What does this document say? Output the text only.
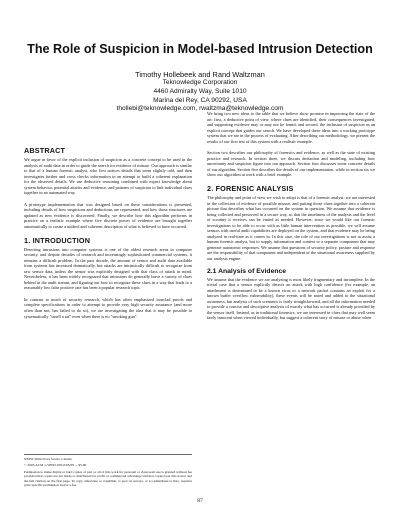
The Role of Suspicion in Model-based Intrusion Detection
Timothy Hollebeek and Rand Waltzman
Teknowledge Corporation
4460 Admiralty Way, Suite 1010
Marina del Rey, CA 90292, USA
thollebi@teknowledge.com, rwaltzma@teknowledge.com
ABSTRACT

We argue in favor of the explicit inclusion of suspicion as a concrete concept to be used in the analysis of audit data in order to guide the search for evidence of misuse. Our approach is similar to that of a human forensic analyst, who first notices details that seem slightly odd, and then investigates further and cross checks information in an attempt to build a coherent explanation for the observed details. We use deductive reasoning combined with expert knowledge about system behavior, potential attacks and evidence, and patterns of suspicion to link individual clues together in an automated way.

A prototype implementation that was designed based on these considerations is presented, including details of how suspicions and deductions are represented, and how those structures are updated as new evidence is discovered. Finally, we describe how this algorithm performs in practice on a realistic example where five discrete pieces of evidence are brought together automatically to create a unified and coherent description of what is believed to have occurred.

1. INTRODUCTION

Detecting intrusions into computer systems is one of the oldest research areas in computer security, and despite decades of research and increasingly sophisticated commercial systems, it remains a difficult problem. In the past decade, the amount of sensor and audit data available from systems has increased dramatically, but attacks are intrinsically difficult to recognize from raw sensor data, unless the sensor was explicitly designed with that class of attack in mind. Nevertheless, it has been widely recognized that intrusions do generally leave a variety of clues behind in the audit stream, and figuring out how to recognize these clues in a way that leads to a reasonably low false positive rate has been a popular research topic.

In contrast to much of security research, which has often emphasized ironclad proofs and complete specifications in order to attempt to provide very high security assurance (and more often than not, has failed to do so), we are investigating the idea that it may be possible to systematically "smell a rat" even when there is no "smoking gun".

NSPW 2004 Nova Scotia, Canada

© 2005 ACM 1-59593-076-0/05/09 ... $5.00

Permission to make digital or hard copies of part or all of this work for personal or classroom use is granted without fee provided that copies are not made or distributed for profit or commercial advantage and that copies bear this notice and the full citation on the first page. To copy otherwise, to republish, to post on servers, or to redistribute to lists, requires prior specific permission and/or a fee.

We bring two new ideas to the table that we believe show promise in improving the state of the art: first, a deductive point of view, where clues are identified, their consequences investigated, and supporting evidence may or may not be found; and second, the inclusion of suspicion as an explicit concept that guides our search. We have developed these ideas into a working prototype system that we are in the process of evaluating. After describing our methodology, we present the results of our first test of this system with a realistic example.

Section two describes our philosophy of forensics and evidence, as well as the state of existing practice and research. In section three, we discuss deduction and modeling, including how uncertainty and suspicion figure into our approach. Section four discusses some concrete details of our algorithm. Section five describes the details of our implementation, while in section six we show our algorithm at work with a brief example.

2. FORENSIC ANALYSIS

The philosophy and point of view we wish to adopt is that of a forensic analyst: we are interested in the collection of evidence of possible misuse, and putting those clues together into a coherent picture that describes what has occurred on the system in question. We assume that evidence is being collected and preserved in a secure way, so that the timeliness of the analysis and the level of scrutiny it receives can be varied as needed. However, since we would like our forensic investigations to be able to occur with as little human intervention as possible, we will assume sensors with useful audit capabilities are deployed on the system, and that evidence may be being analyzed in real-time as it comes in. In this case, the role of our investigations is not to assist a human forensic analyst, but to supply information and context to a separate component that may generate autonomic responses. We assume that questions of security policy, posture and response are the responsibility of that component and independent of the situational awareness supplied by our analysis engine.

2.1 Analysis of Evidence

We assume that the evidence we are analyzing is most likely fragmentary and incomplete. In the trivial case that a sensor explicitly detects an attack with high confidence (for example, an attachment is determined to be a known virus or a network packet contains an exploit for a known buffer overflow vulnerability), these events will be noted and added to the situational awareness, but analysis of such scenarios is fairly straightforward, and all the information needed to provide a concise and descriptive analysis of exactly what has occurred is already provided by the sensor itself. Instead, as in traditional forensics, we are interested in clues that may well seem fairly innocent when viewed individually, but suggest a coherent story of misuse or abuse when

87
